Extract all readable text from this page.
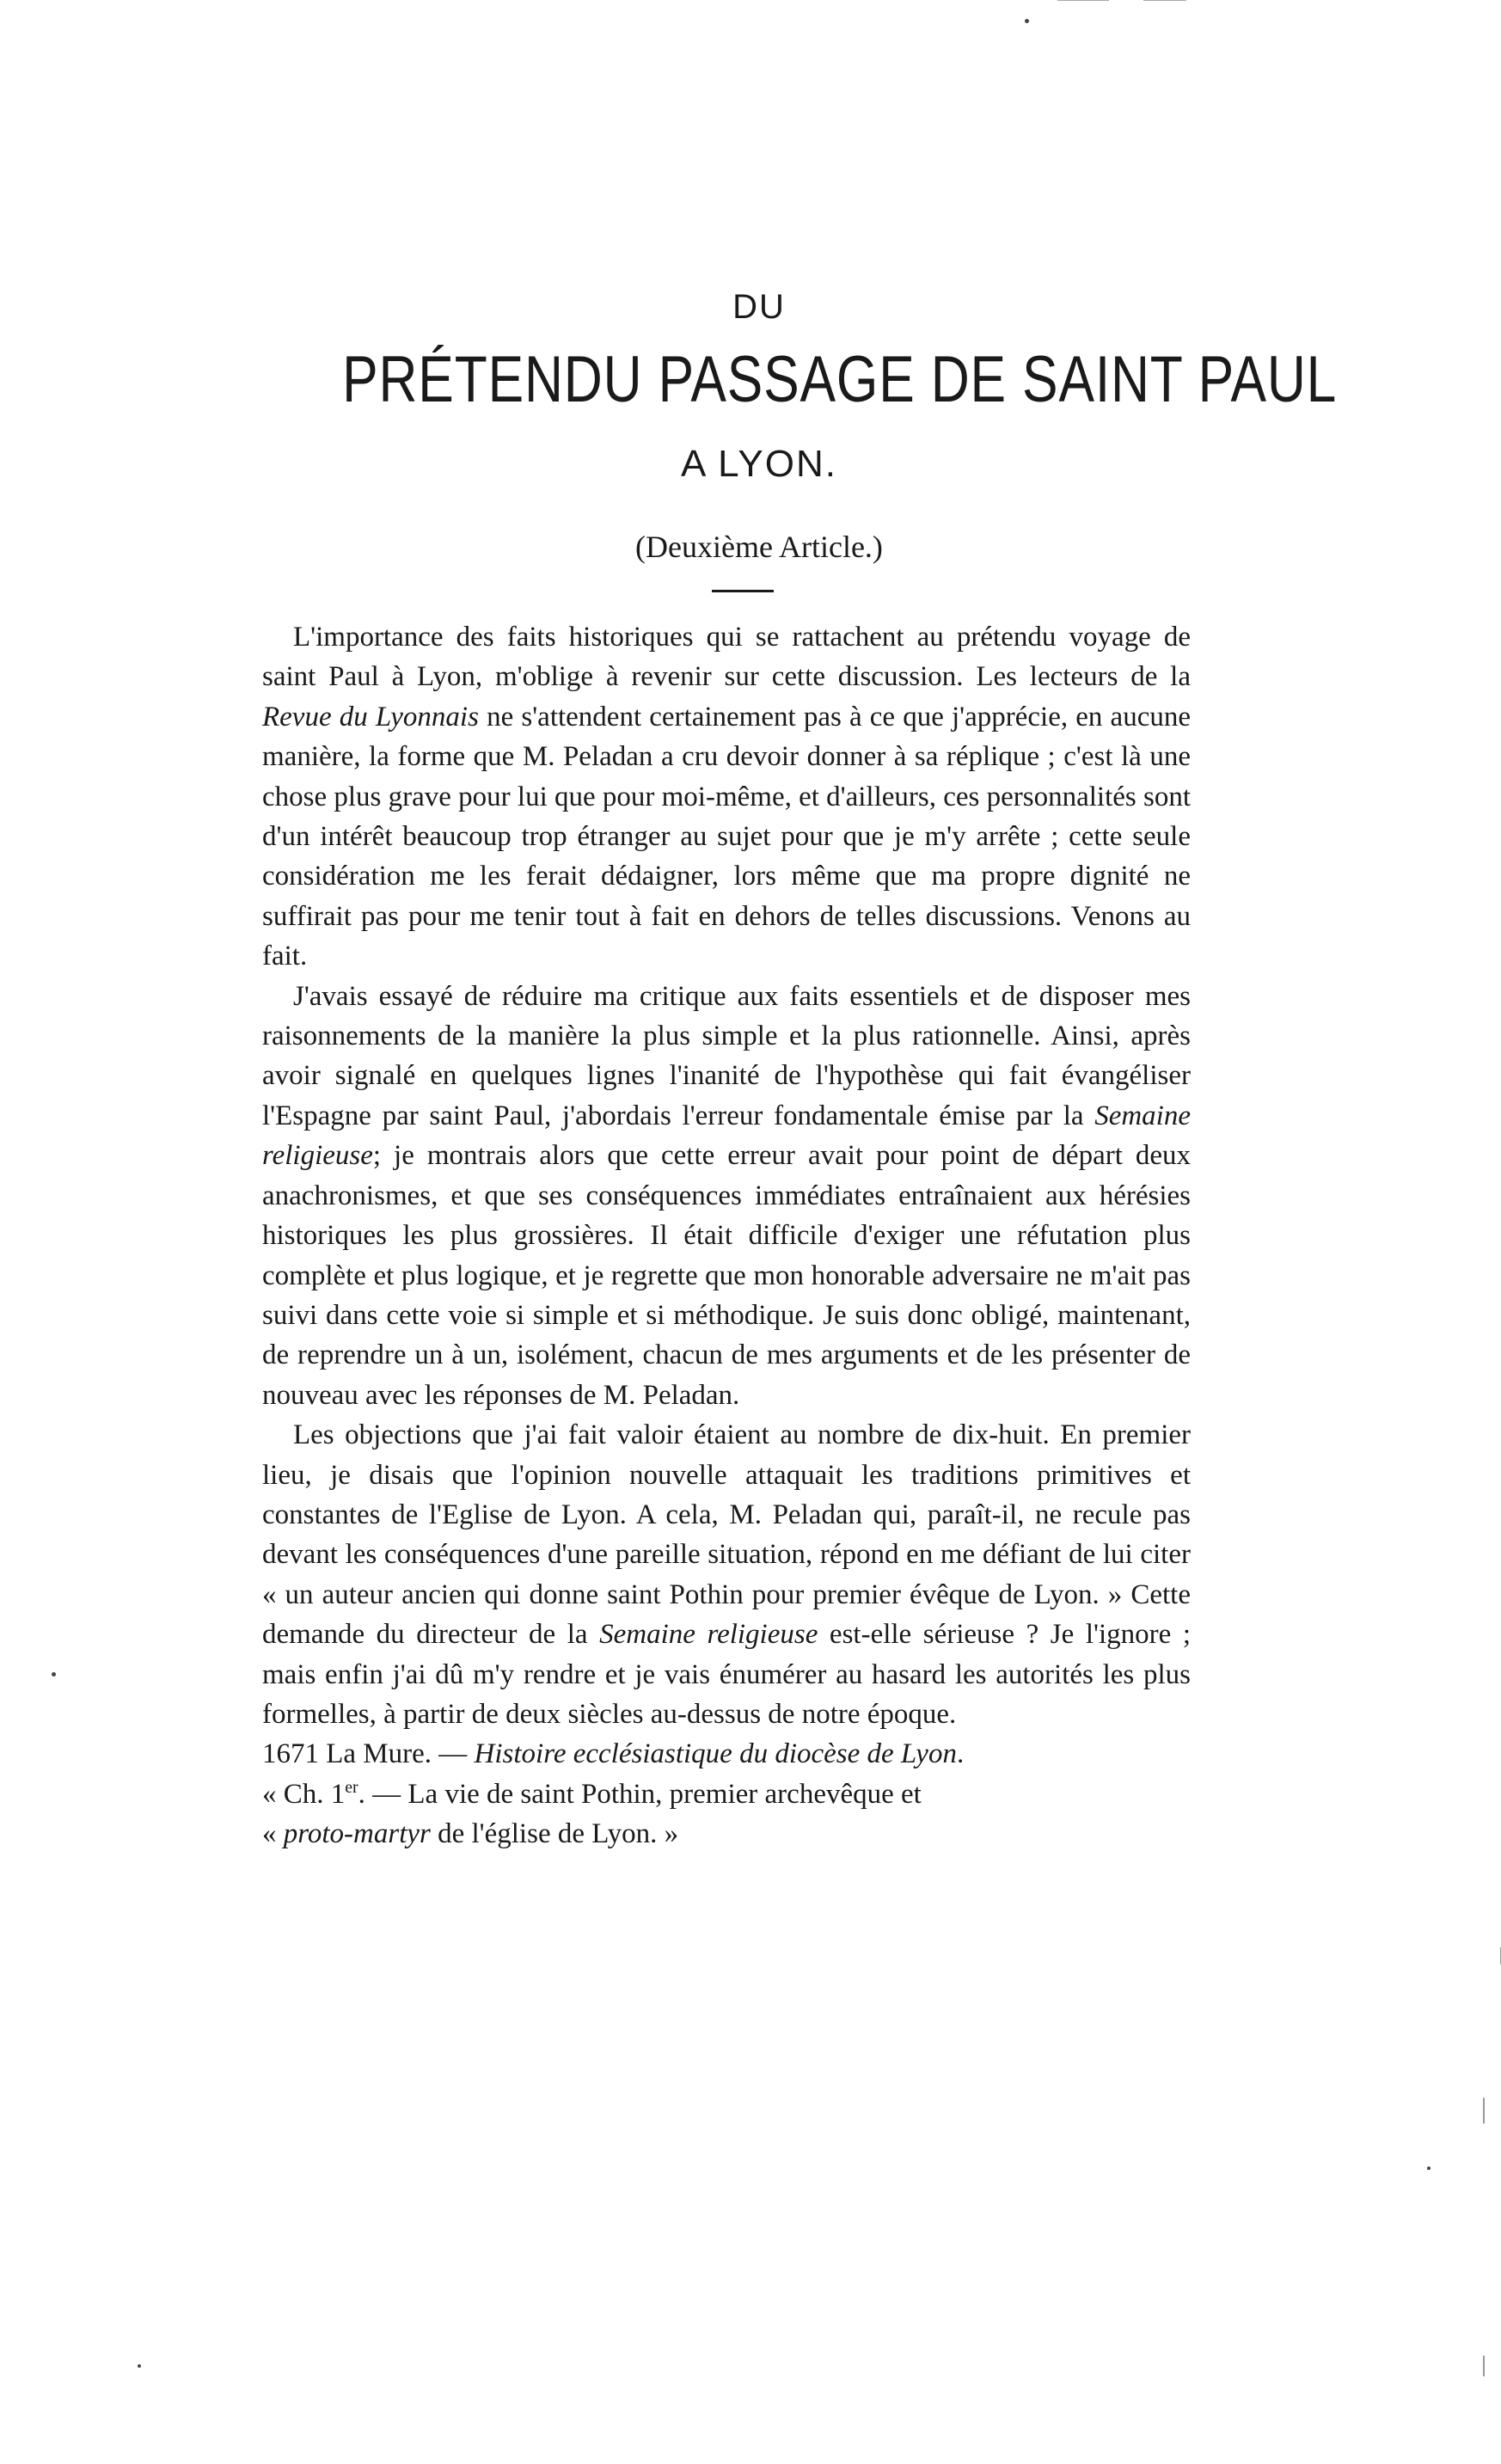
DU
PRÉTENDU PASSAGE DE SAINT PAUL
A LYON.
(Deuxième Article.)

L'importance des faits historiques qui se rattachent au prétendu voyage de saint Paul à Lyon, m'oblige à revenir sur cette discussion. Les lecteurs de la Revue du Lyonnais ne s'attendent certainement pas à ce que j'apprécie, en aucune manière, la forme que M. Peladan a cru devoir donner à sa réplique ; c'est là une chose plus grave pour lui que pour moi-même, et d'ailleurs, ces personnalités sont d'un intérêt beaucoup trop étranger au sujet pour que je m'y arrête ; cette seule considération me les ferait dédaigner, lors même que ma propre dignité ne suffirait pas pour me tenir tout à fait en dehors de telles discussions. Venons au fait.

J'avais essayé de réduire ma critique aux faits essentiels et de disposer mes raisonnements de la manière la plus simple et la plus rationnelle. Ainsi, après avoir signalé en quelques lignes l'inanité de l'hypothèse qui fait évangéliser l'Espagne par saint Paul, j'abordais l'erreur fondamentale émise par la Semaine religieuse; je montrais alors que cette erreur avait pour point de départ deux anachronismes, et que ses conséquences immédiates entraînaient aux hérésies historiques les plus grossières. Il était difficile d'exiger une réfutation plus complète et plus logique, et je regrette que mon honorable adversaire ne m'ait pas suivi dans cette voie si simple et si méthodique. Je suis donc obligé, maintenant, de reprendre un à un, isolément, chacun de mes arguments et de les présenter de nouveau avec les réponses de M. Peladan.

Les objections que j'ai fait valoir étaient au nombre de dix-huit. En premier lieu, je disais que l'opinion nouvelle attaquait les traditions primitives et constantes de l'Eglise de Lyon. A cela, M. Peladan qui, paraît-il, ne recule pas devant les conséquences d'une pareille situation, répond en me défiant de lui citer « un auteur ancien qui donne saint Pothin pour premier évêque de Lyon. » Cette demande du directeur de la Semaine religieuse est-elle sérieuse ? Je l'ignore ; mais enfin j'ai dû m'y rendre et je vais énumérer au hasard les autorités les plus formelles, à partir de deux siècles au-dessus de notre époque.

1671 La Mure. — Histoire ecclésiastique du diocèse de Lyon.

« Ch. 1er. — La vie de saint Pothin, premier archevêque et

« proto-martyr de l'église de Lyon. »
